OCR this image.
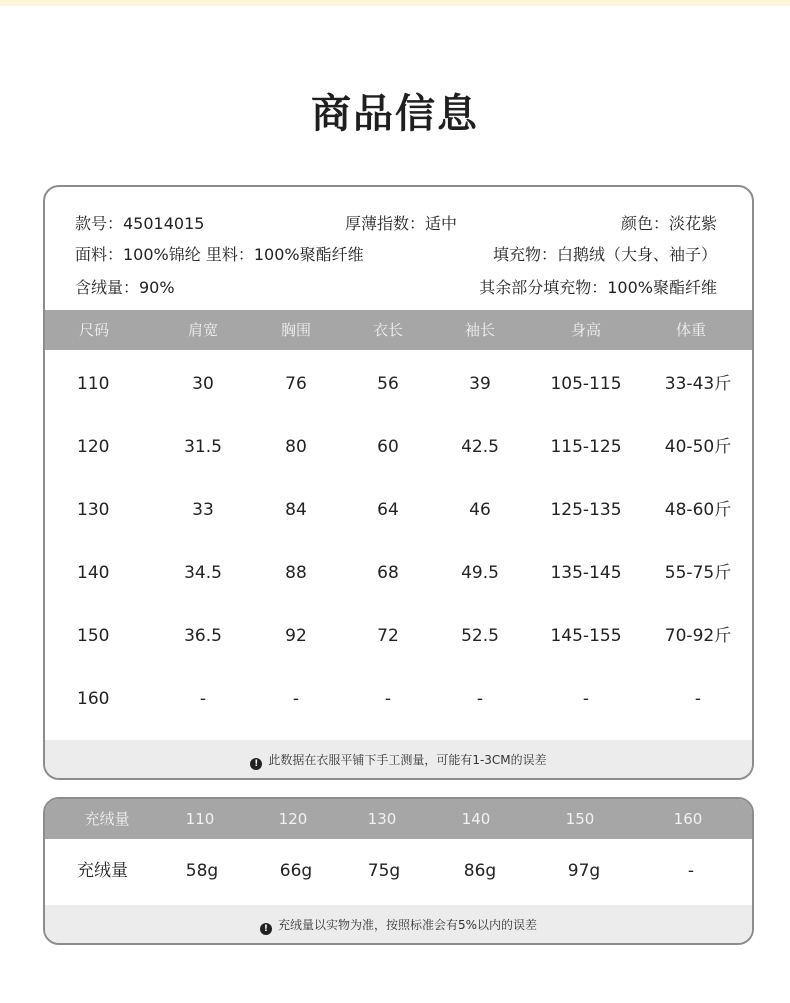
商品信息
款号：45014015	厚薄指数：适中	颜色：淡花紫
面料：100%锦纶 里料：100%聚酯纤维	填充物：白鹅绒（大身、袖子）
含绒量：90%	其余部分填充物：100%聚酯纤维
尺码	肩宽	胸围	衣长	袖长	身高	体重
110	30	76	56	39	105-115	33-43斤
120	31.5	80	60	42.5	115-125	40-50斤
130	33	84	64	46	125-135	48-60斤
140	34.5	88	68	49.5	135-145	55-75斤
150	36.5	92	72	52.5	145-155	70-92斤
160	-	-	-	-	-	-
! 此数据在衣服平铺下手工测量，可能有1-3CM的误差
充绒量	110	120	130	140	150	160
充绒量	58g	66g	75g	86g	97g	-
! 充绒量以实物为准，按照标准会有5%以内的误差
